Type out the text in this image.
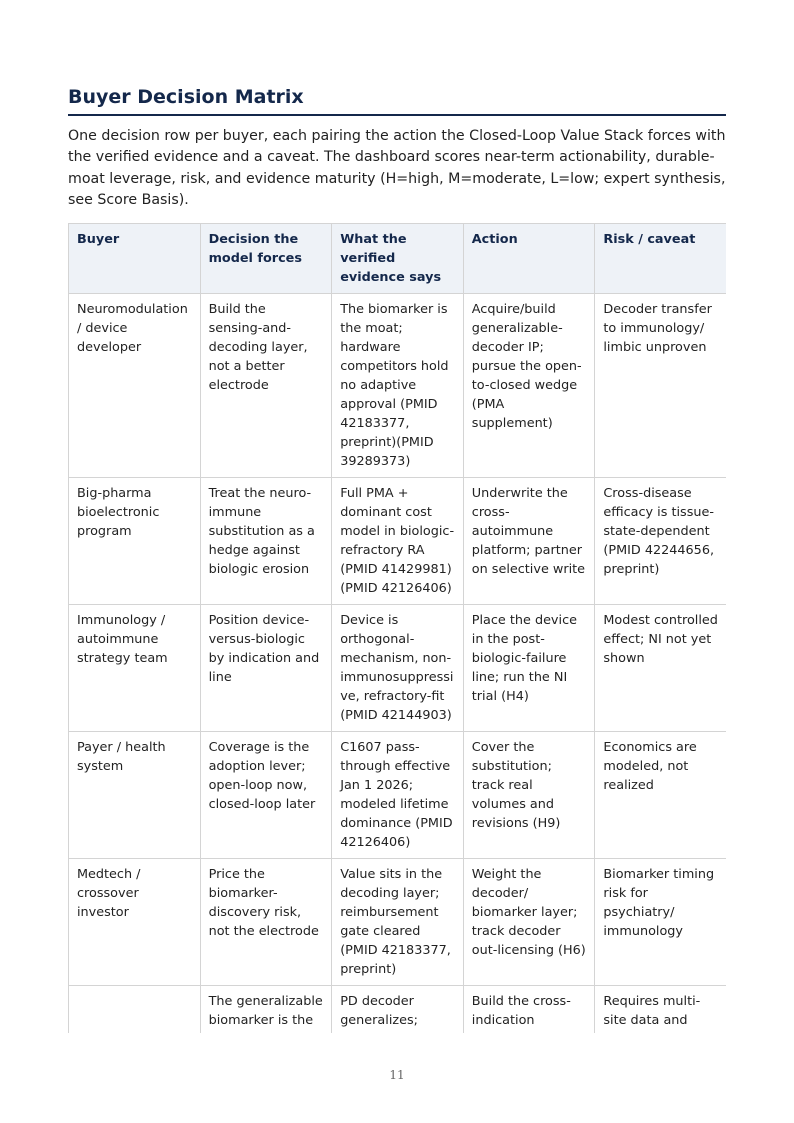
Buyer Decision Matrix

One decision row per buyer, each pairing the action the Closed-Loop Value Stack forces with the verified evidence and a caveat. The dashboard scores near-term actionability, durable-moat leverage, risk, and evidence maturity (H=high, M=moderate, L=low; expert synthesis, see Score Basis).

Buyer	Decision the model forces	What the verified evidence says	Action	Risk / caveat
Neuromodulation / device developer	Build the sensing-and-decoding layer, not a better electrode	The biomarker is the moat; hardware competitors hold no adaptive approval (PMID 42183377, preprint)(PMID 39289373)	Acquire/build generalizable-decoder IP; pursue the open-to-closed wedge (PMA supplement)	Decoder transfer to immunology/ limbic unproven
Big-pharma bioelectronic program	Treat the neuro-immune substitution as a hedge against biologic erosion	Full PMA + dominant cost model in biologic-refractory RA (PMID 41429981)(PMID 42126406)	Underwrite the cross-autoimmune platform; partner on selective write	Cross-disease efficacy is tissue-state-dependent (PMID 42244656, preprint)
Immunology / autoimmune strategy team	Position device-versus-biologic by indication and line	Device is orthogonal-mechanism, non-immunosuppressi ve, refractory-fit (PMID 42144903)	Place the device in the post-biologic-failure line; run the NI trial (H4)	Modest controlled effect; NI not yet shown
Payer / health system	Coverage is the adoption lever; open-loop now, closed-loop later	C1607 pass-through effective Jan 1 2026; modeled lifetime dominance (PMID 42126406)	Cover the substitution; track real volumes and revisions (H9)	Economics are modeled, not realized
Medtech / crossover investor	Price the biomarker-discovery risk, not the electrode	Value sits in the decoding layer; reimbursement gate cleared (PMID 42183377, preprint)	Weight the decoder/ biomarker layer; track decoder out-licensing (H6)	Biomarker timing risk for psychiatry/ immunology
	The generalizable biomarker is the	PD decoder generalizes;	Build the cross-indication	Requires multi-site data and
11
